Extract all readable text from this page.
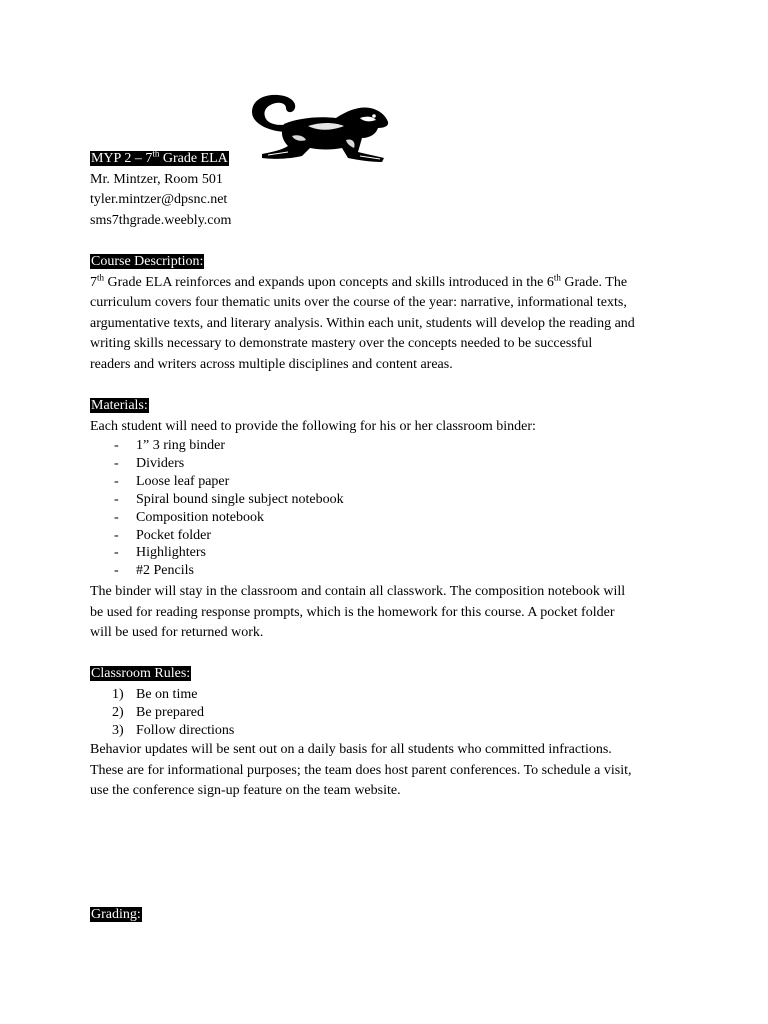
MYP 2 – 7th Grade ELA
Mr. Mintzer, Room 501
tyler.mintzer@dpsnc.net
sms7thgrade.weebly.com
Course Description:
7th Grade ELA reinforces and expands upon concepts and skills introduced in the 6th Grade. The
curriculum covers four thematic units over the course of the year: narrative, informational texts,
argumentative texts, and literary analysis. Within each unit, students will develop the reading and
writing skills necessary to demonstrate mastery over the concepts needed to be successful
readers and writers across multiple disciplines and content areas.
Materials:
Each student will need to provide the following for his or her classroom binder:
- 1” 3 ring binder
- Dividers
- Loose leaf paper
- Spiral bound single subject notebook
- Composition notebook
- Pocket folder
- Highlighters
- #2 Pencils
The binder will stay in the classroom and contain all classwork. The composition notebook will
be used for reading response prompts, which is the homework for this course. A pocket folder
will be used for returned work.
Classroom Rules:
1) Be on time
2) Be prepared
3) Follow directions
Behavior updates will be sent out on a daily basis for all students who committed infractions.
These are for informational purposes; the team does host parent conferences. To schedule a visit,
use the conference sign-up feature on the team website.
Grading:
